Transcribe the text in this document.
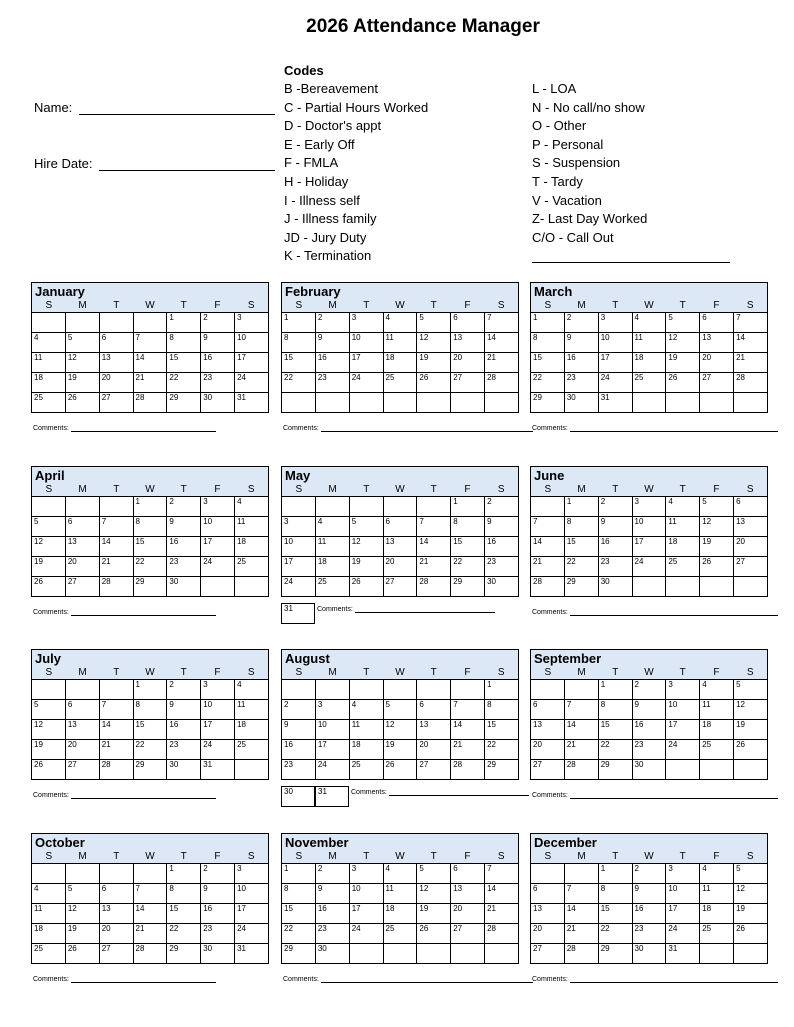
2026 Attendance Manager
Name:
Hire Date:
Codes
B -Bereavement
C - Partial Hours Worked
D - Doctor's appt
E - Early Off
F - FMLA
H - Holiday
I - Illness self
J - Illness family
JD - Jury Duty
K - Termination
L - LOA
N - No call/no show
O - Other
P - Personal
S - Suspension
T - Tardy
V - Vacation
Z- Last Day Worked
C/O - Call Out
January
S	M	T	W	T	F	S
				1	2	3
4	5	6	7	8	9	10
11	12	13	14	15	16	17
18	19	20	21	22	23	24
25	26	27	28	29	30	31
Comments:
February
S	M	T	W	T	F	S
1	2	3	4	5	6	7
8	9	10	11	12	13	14
15	16	17	18	19	20	21
22	23	24	25	26	27	28

Comments:
March
S	M	T	W	T	F	S
1	2	3	4	5	6	7
8	9	10	11	12	13	14
15	16	17	18	19	20	21
22	23	24	25	26	27	28
29	30	31				
Comments:
April
S	M	T	W	T	F	S
			1	2	3	4
5	6	7	8	9	10	11
12	13	14	15	16	17	18
19	20	21	22	23	24	25
26	27	28	29	30		
Comments:
May
S	M	T	W	T	F	S
					1	2
3	4	5	6	7	8	9
10	11	12	13	14	15	16
17	18	19	20	21	22	23
24	25	26	27	28	29	30
31	Comments:
June
S	M	T	W	T	F	S
	1	2	3	4	5	6
7	8	9	10	11	12	13
14	15	16	17	18	19	20
21	22	23	24	25	26	27
28	29	30				
Comments:
July
S	M	T	W	T	F	S
			1	2	3	4
5	6	7	8	9	10	11
12	13	14	15	16	17	18
19	20	21	22	23	24	25
26	27	28	29	30	31	
Comments:
August
S	M	T	W	T	F	S
						1
2	3	4	5	6	7	8
9	10	11	12	13	14	15
16	17	18	19	20	21	22
23	24	25	26	27	28	29
30	31	Comments:
September
S	M	T	W	T	F	S
		1	2	3	4	5
6	7	8	9	10	11	12
13	14	15	16	17	18	19
20	21	22	23	24	25	26
27	28	29	30			
Comments:
October
S	M	T	W	T	F	S
				1	2	3
4	5	6	7	8	9	10
11	12	13	14	15	16	17
18	19	20	21	22	23	24
25	26	27	28	29	30	31
Comments:
November
S	M	T	W	T	F	S
1	2	3	4	5	6	7
8	9	10	11	12	13	14
15	16	17	18	19	20	21
22	23	24	25	26	27	28
29	30					
Comments:
December
S	M	T	W	T	F	S
		1	2	3	4	5
6	7	8	9	10	11	12
13	14	15	16	17	18	19
20	21	22	23	24	25	26
27	28	29	30	31		
Comments:
